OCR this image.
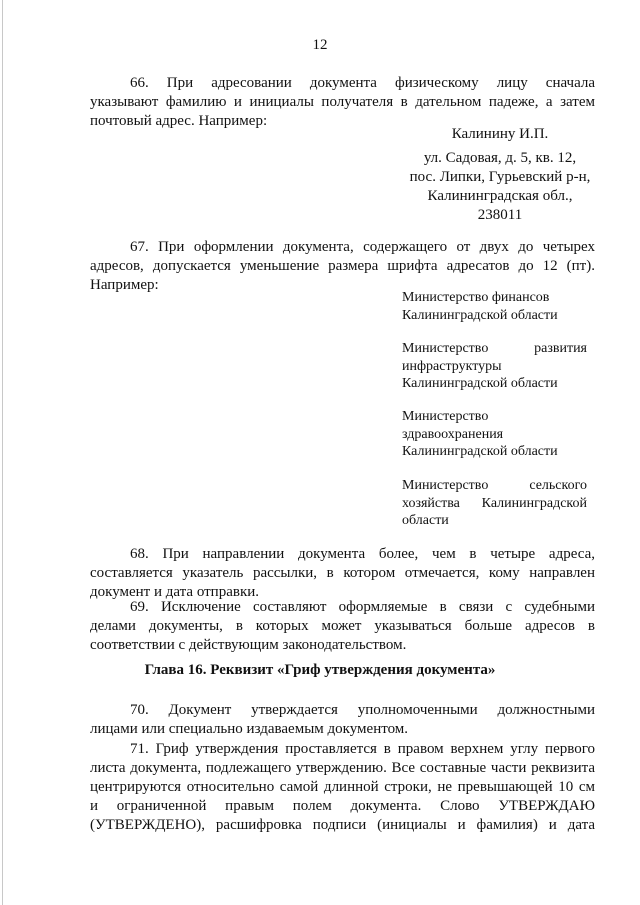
12
66. При адресовании документа физическому лицу сначала
указывают фамилию и инициалы получателя в дательном падеже, а затем
почтовый адрес. Например:
Калинину И.П.
ул. Садовая, д. 5, кв. 12,
пос. Липки, Гурьевский р-н,
Калининградская обл.,
238011
67. При оформлении документа, содержащего от двух до четырех
адресов, допускается уменьшение размера шрифта адресатов до 12 (пт).
Например:
Министерство финансов
Калининградской области
Министерство развития
инфраструктуры
Калининградской области
Министерство
здравоохранения
Калининградской области
Министерство сельского
хозяйства Калининградской
области
68. При направлении документа более, чем в четыре адреса,
составляется указатель рассылки, в котором отмечается, кому направлен
документ и дата отправки.
69. Исключение составляют оформляемые в связи с судебными
делами документы, в которых может указываться больше адресов в
соответствии с действующим законодательством.
Глава 16. Реквизит «Гриф утверждения документа»
70. Документ утверждается уполномоченными должностными
лицами или специально издаваемым документом.
71. Гриф утверждения проставляется в правом верхнем углу первого
листа документа, подлежащего утверждению. Все составные части реквизита
центрируются относительно самой длинной строки, не превышающей 10 см
и ограниченной правым полем документа. Слово УТВЕРЖДАЮ
(УТВЕРЖДЕНО), расшифровка подписи (инициалы и фамилия) и дата
